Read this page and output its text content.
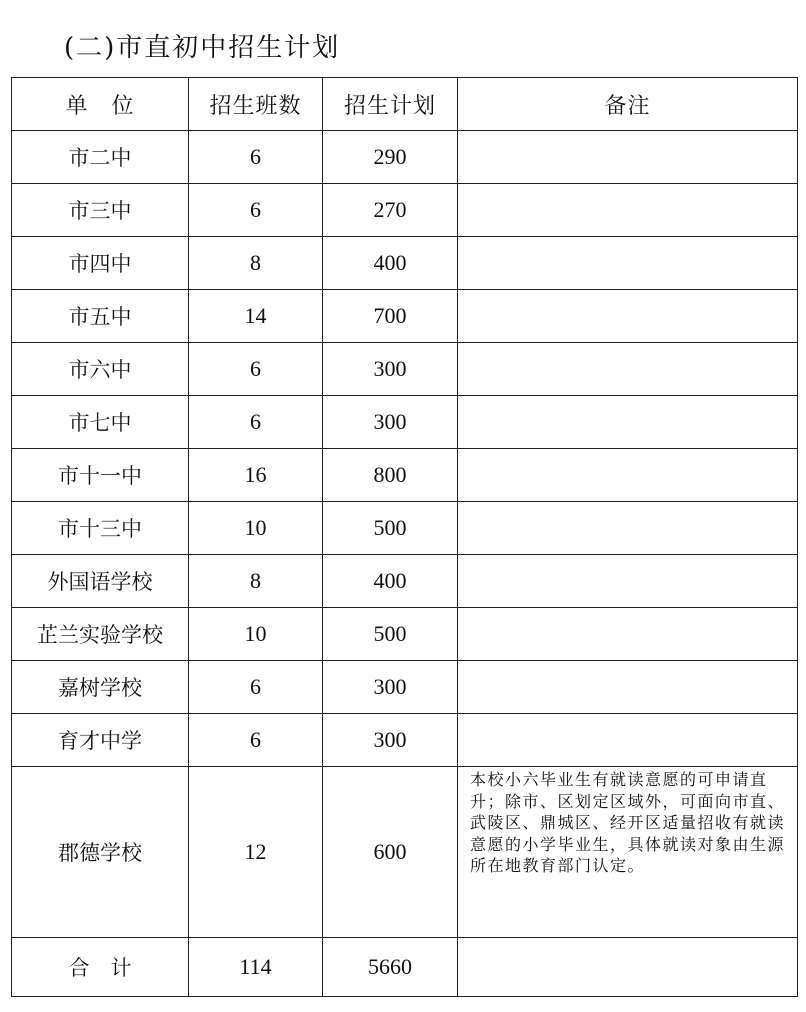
(二)市直初中招生计划
单　位	招生班数	招生计划	备注
市二中	6	290	
市三中	6	270	
市四中	8	400	
市五中	14	700	
市六中	6	300	
市七中	6	300	
市十一中	16	800	
市十三中	10	500	
外国语学校	8	400	
芷兰实验学校	10	500	
嘉树学校	6	300	
育才中学	6	300	
郡德学校	12	600	本校小六毕业生有就读意愿的可申请直升；除市、区划定区域外，可面向市直、武陵区、鼎城区、经开区适量招收有就读意愿的小学毕业生，具体就读对象由生源所在地教育部门认定。
合　计	114	5660	
